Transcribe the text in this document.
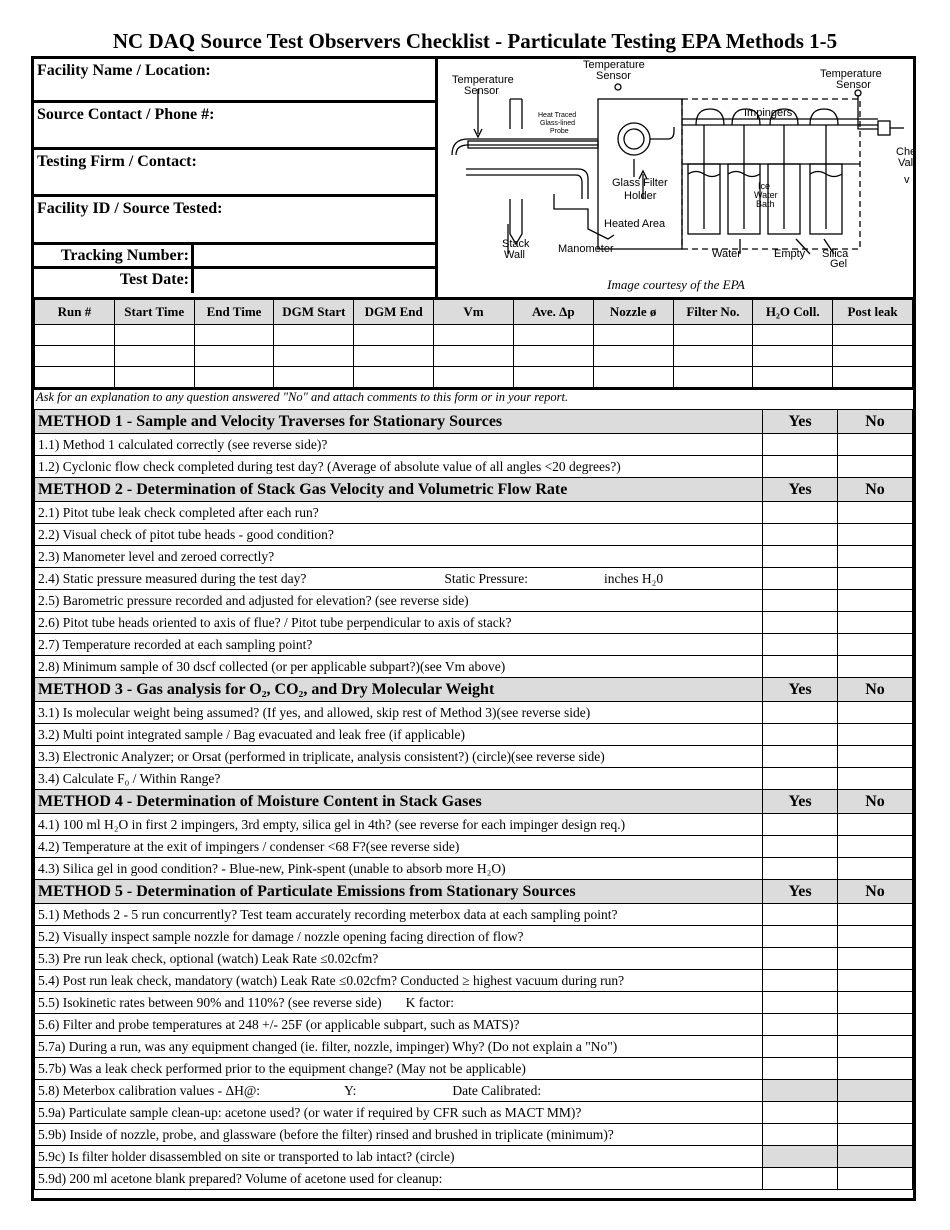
NC DAQ Source Test Observers Checklist - Particulate Testing EPA Methods 1-5
Facility Name / Location:
Source Contact / Phone #:
Testing Firm / Contact:
Facility ID / Source Tested:
Tracking Number:
Test Date:
Temperature
Sensor
Temperature
Sensor	Temperature
Sensor
Heat Traced
Glass-lined
Probe
Impingers
Glass Filter
Holder
Heated Area
Ice
Water
Bath
Stack
Wall	Manometer	Water	Empty Silica
Gel
Che
Val
v
Image courtesy of the EPA
Run #	Start Time	End Time	DGM Start	DGM End	Vm	Ave. Δp	Nozzle ø	Filter No.	H₂O Coll.	Post leak

Ask for an explanation to any question answered "No" and attach comments to this form or in your report.
METHOD 1 - Sample and Velocity Traverses for Stationary Sources	Yes	No
1.1) Method 1 calculated correctly (see reverse side)?		
1.2) Cyclonic flow check completed during test day? (Average of absolute value of all angles <20 degrees?)		
METHOD 2 - Determination of Stack Gas Velocity and Volumetric Flow Rate	Yes	No
2.1) Pitot tube leak check completed after each run?		
2.2) Visual check of pitot tube heads - good condition?		
2.3) Manometer level and zeroed correctly?		
2.4) Static pressure measured during the test day? Static Pressure: inches H₂0		
2.5) Barometric pressure recorded and adjusted for elevation? (see reverse side)		
2.6) Pitot tube heads oriented to axis of flue? / Pitot tube perpendicular to axis of stack?		
2.7) Temperature recorded at each sampling point?		
2.8) Minimum sample of 30 dscf collected (or per applicable subpart?)(see Vm above)		
METHOD 3 - Gas analysis for O₂, CO₂, and Dry Molecular Weight	Yes	No
3.1) Is molecular weight being assumed? (If yes, and allowed, skip rest of Method 3)(see reverse side)		
3.2) Multi point integrated sample / Bag evacuated and leak free (if applicable)		
3.3) Electronic Analyzer; or Orsat (performed in triplicate, analysis consistent?) (circle)(see reverse side)		
3.4) Calculate F₀ / Within Range?		
METHOD 4 - Determination of Moisture Content in Stack Gases	Yes	No
4.1) 100 ml H₂O in first 2 impingers, 3rd empty, silica gel in 4th? (see reverse for each impinger design req.)		
4.2) Temperature at the exit of impingers / condenser <68 F?(see reverse side)		
4.3) Silica gel in good condition? - Blue-new, Pink-spent (unable to absorb more H₂O)		
METHOD 5 - Determination of Particulate Emissions from Stationary Sources	Yes	No
5.1) Methods 2 - 5 run concurrently? Test team accurately recording meterbox data at each sampling point?		
5.2) Visually inspect sample nozzle for damage / nozzle opening facing direction of flow?		
5.3) Pre run leak check, optional (watch) Leak Rate ≤0.02cfm?		
5.4) Post run leak check, mandatory (watch) Leak Rate ≤0.02cfm? Conducted ≥ highest vacuum during run?		
5.5) Isokinetic rates between 90% and 110%? (see reverse side) K factor:		
5.6) Filter and probe temperatures at 248 +/- 25F (or applicable subpart, such as MATS)?		
5.7a) During a run, was any equipment changed (ie. filter, nozzle, impinger) Why? (Do not explain a "No")		
5.7b) Was a leak check performed prior to the equipment change? (May not be applicable)		
5.8) Meterbox calibration values - ΔH@: Y: Date Calibrated:		
5.9a) Particulate sample clean-up: acetone used? (or water if required by CFR such as MACT MM)?		
5.9b) Inside of nozzle, probe, and glassware (before the filter) rinsed and brushed in triplicate (minimum)?		
5.9c) Is filter holder disassembled on site or transported to lab intact? (circle)		
5.9d) 200 ml acetone blank prepared? Volume of acetone used for cleanup:		
